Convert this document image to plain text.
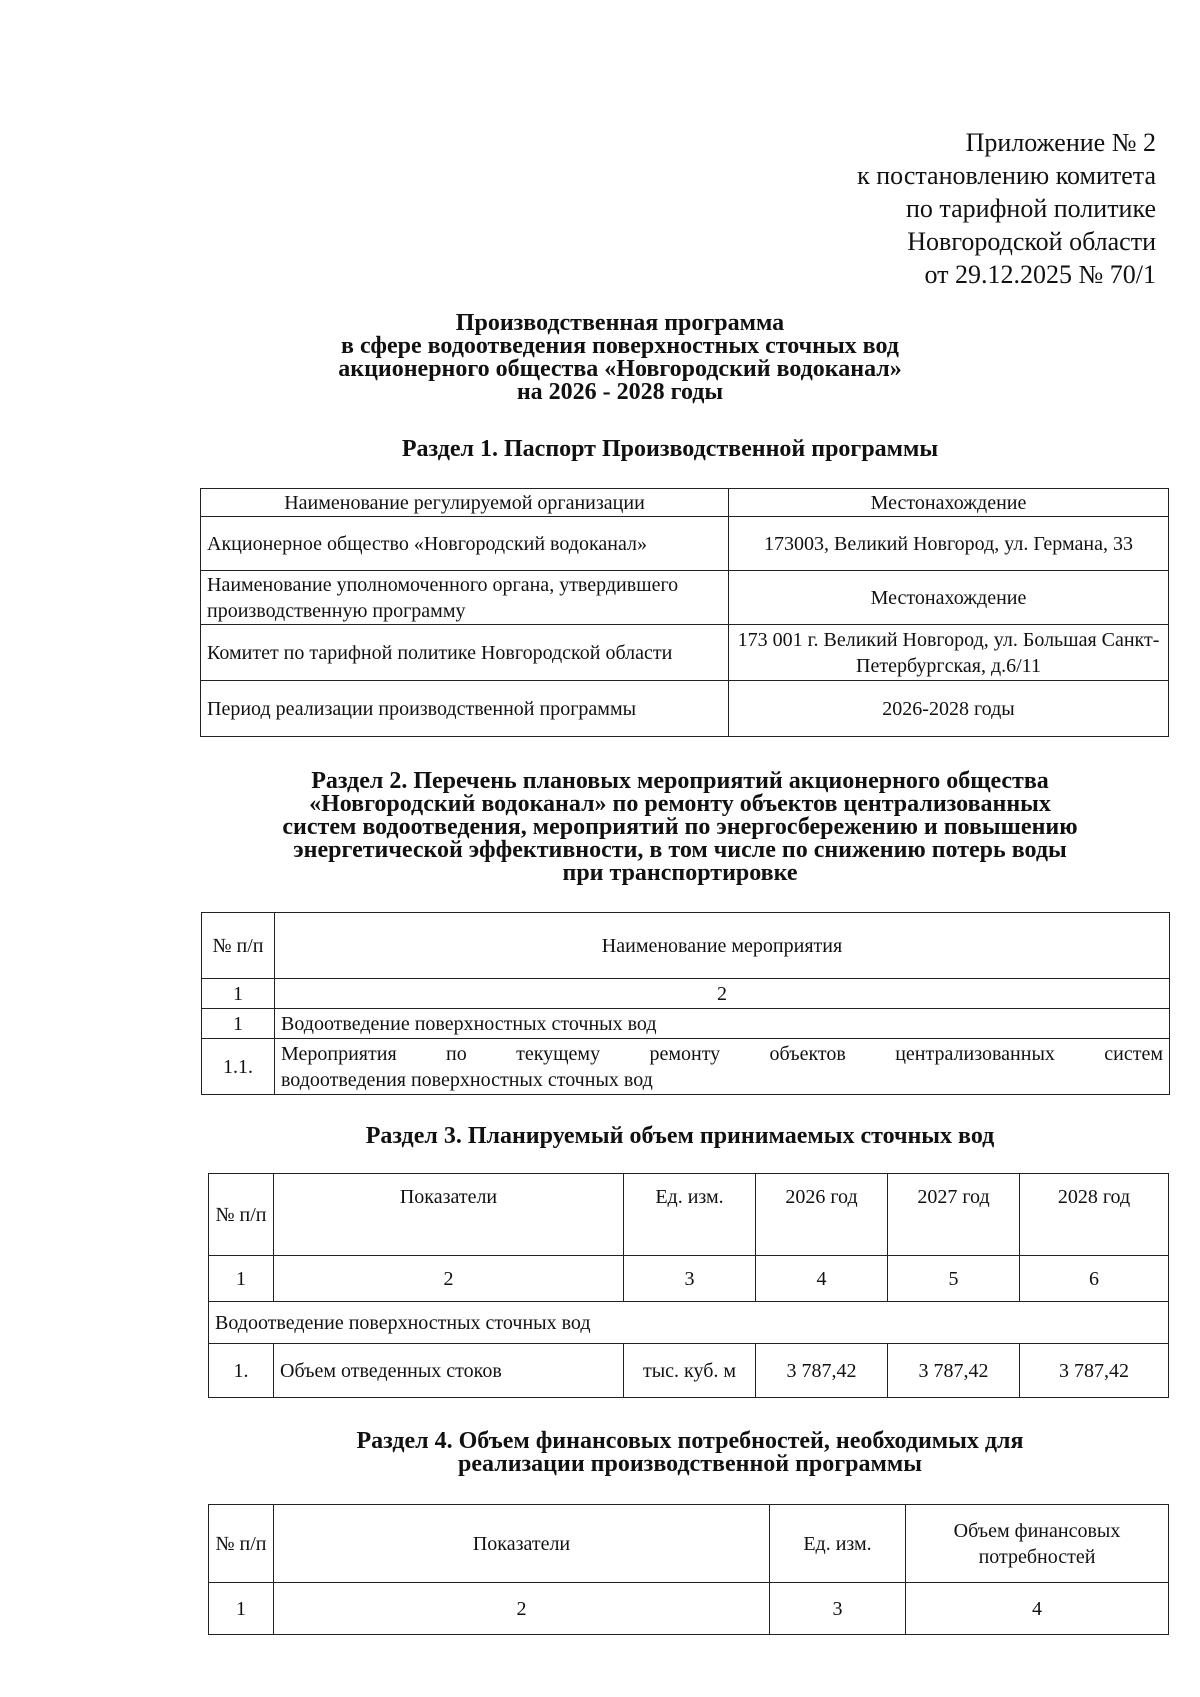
Приложение № 2
к постановлению комитета
по тарифной политике
Новгородской области
от 29.12.2025 № 70/1
Производственная программа
в сфере водоотведения поверхностных сточных вод
акционерного общества «Новгородский водоканал»
на 2026 - 2028 годы
Раздел 1. Паспорт Производственной программы
Наименование регулируемой организации	Местонахождение
Акционерное общество «Новгородский водоканал»	173003, Великий Новгород, ул. Германа, 33
Наименование уполномоченного органа, утвердившего производственную программу	Местонахождение
Комитет по тарифной политике Новгородской области	173 001 г. Великий Новгород, ул. Большая Санкт-Петербургская, д.6/11
Период реализации производственной программы	2026-2028 годы
Раздел 2. Перечень плановых мероприятий акционерного общества
«Новгородский водоканал» по ремонту объектов централизованных
систем водоотведения, мероприятий по энергосбережению и повышению
энергетической эффективности, в том числе по снижению потерь воды
при транспортировке
№ п/п	Наименование мероприятия
1	2
1	Водоотведение поверхностных сточных вод
1.1.	Мероприятия по текущему ремонту объектов централизованных систем
водоотведения поверхностных сточных вод
Раздел 3. Планируемый объем принимаемых сточных вод
№ п/п	Показатели	Ед. изм.	2026 год	2027 год	2028 год
1	2	3	4	5	6
Водоотведение поверхностных сточных вод					
1.	Объем отведенных стоков	тыс. куб. м	3 787,42	3 787,42	3 787,42
Раздел 4. Объем финансовых потребностей, необходимых для
реализации производственной программы
№ п/п	Показатели	Ед. изм.	Объем финансовых потребностей
1	2	3	4
